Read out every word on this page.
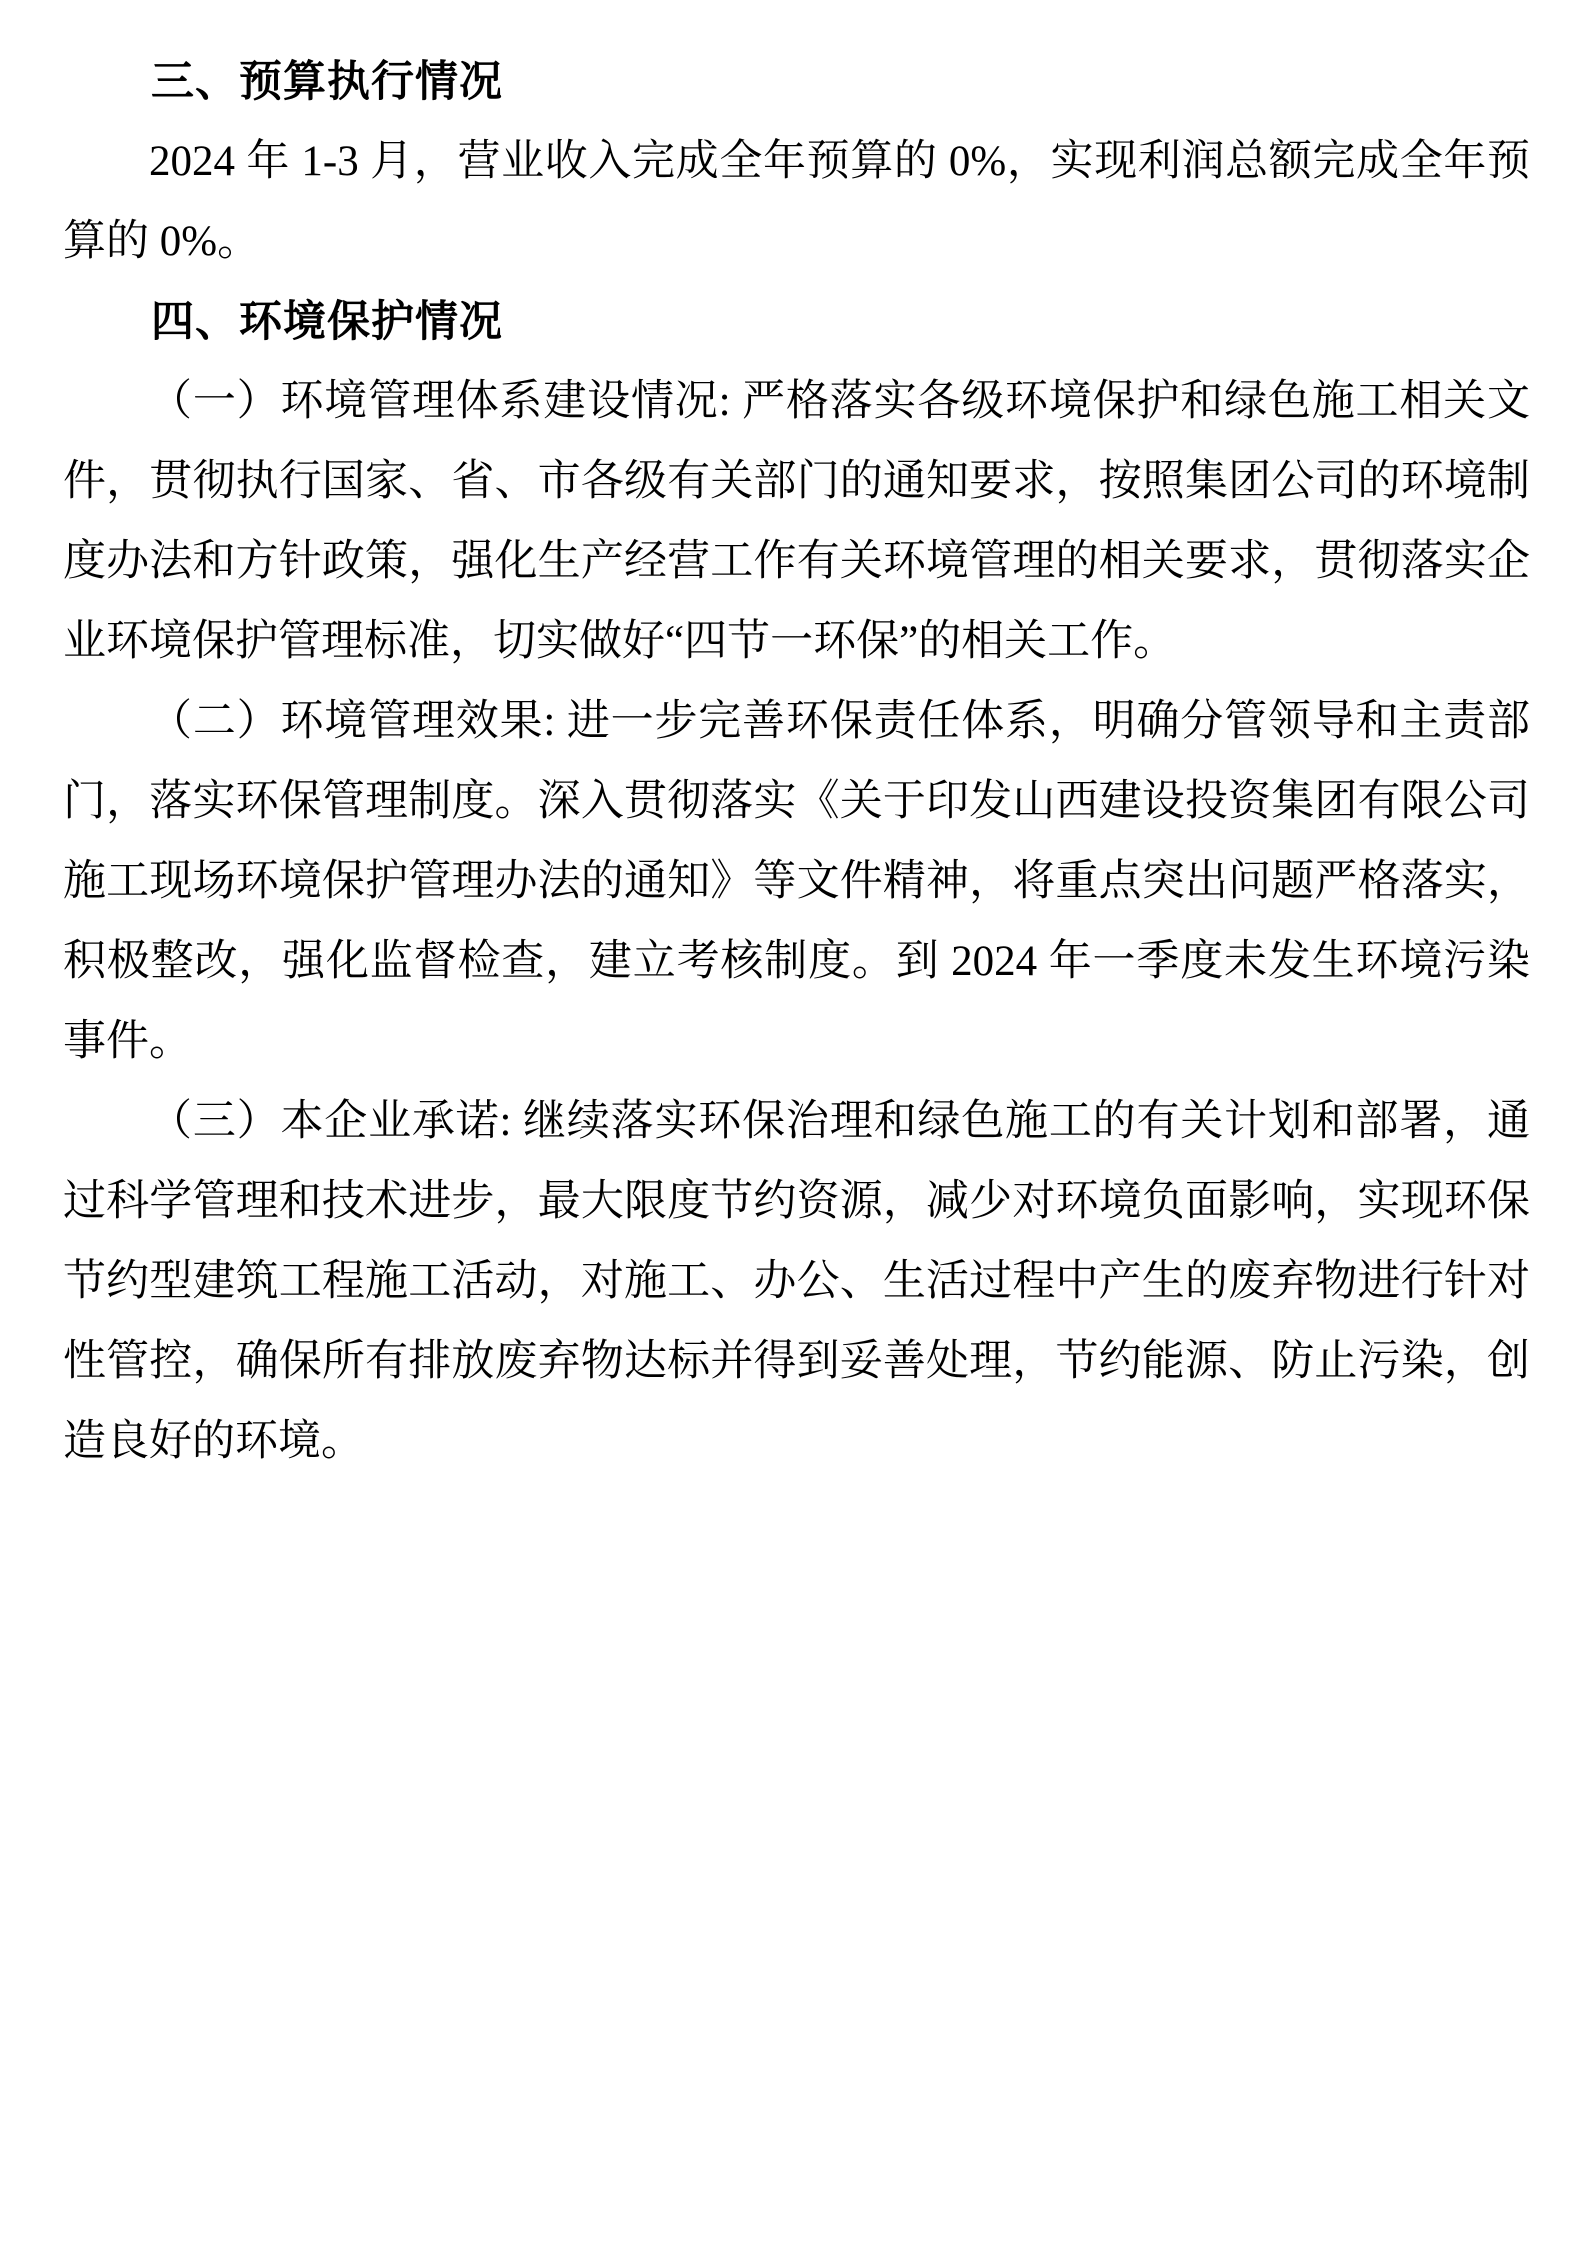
三、预算执行情况
2024 年 1-3 月，营业收入完成全年预算的 0%，实现利润总额完成全年预
算的 0%。
四、环境保护情况
（一）环境管理体系建设情况: 严格落实各级环境保护和绿色施工相关文
件，贯彻执行国家、省、市各级有关部门的通知要求，按照集团公司的环境制
度办法和方针政策，强化生产经营工作有关环境管理的相关要求，贯彻落实企
业环境保护管理标准，切实做好“四节一环保”的相关工作。
（二）环境管理效果: 进一步完善环保责任体系，明确分管领导和主责部
门，落实环保管理制度。深入贯彻落实《关于印发山西建设投资集团有限公司
施工现场环境保护管理办法的通知》等文件精神，将重点突出问题严格落实，
积极整改，强化监督检查，建立考核制度。到 2024 年一季度未发生环境污染
事件。
（三）本企业承诺: 继续落实环保治理和绿色施工的有关计划和部署，通
过科学管理和技术进步，最大限度节约资源，减少对环境负面影响，实现环保
节约型建筑工程施工活动，对施工、办公、生活过程中产生的废弃物进行针对
性管控，确保所有排放废弃物达标并得到妥善处理，节约能源、防止污染，创
造良好的环境。
